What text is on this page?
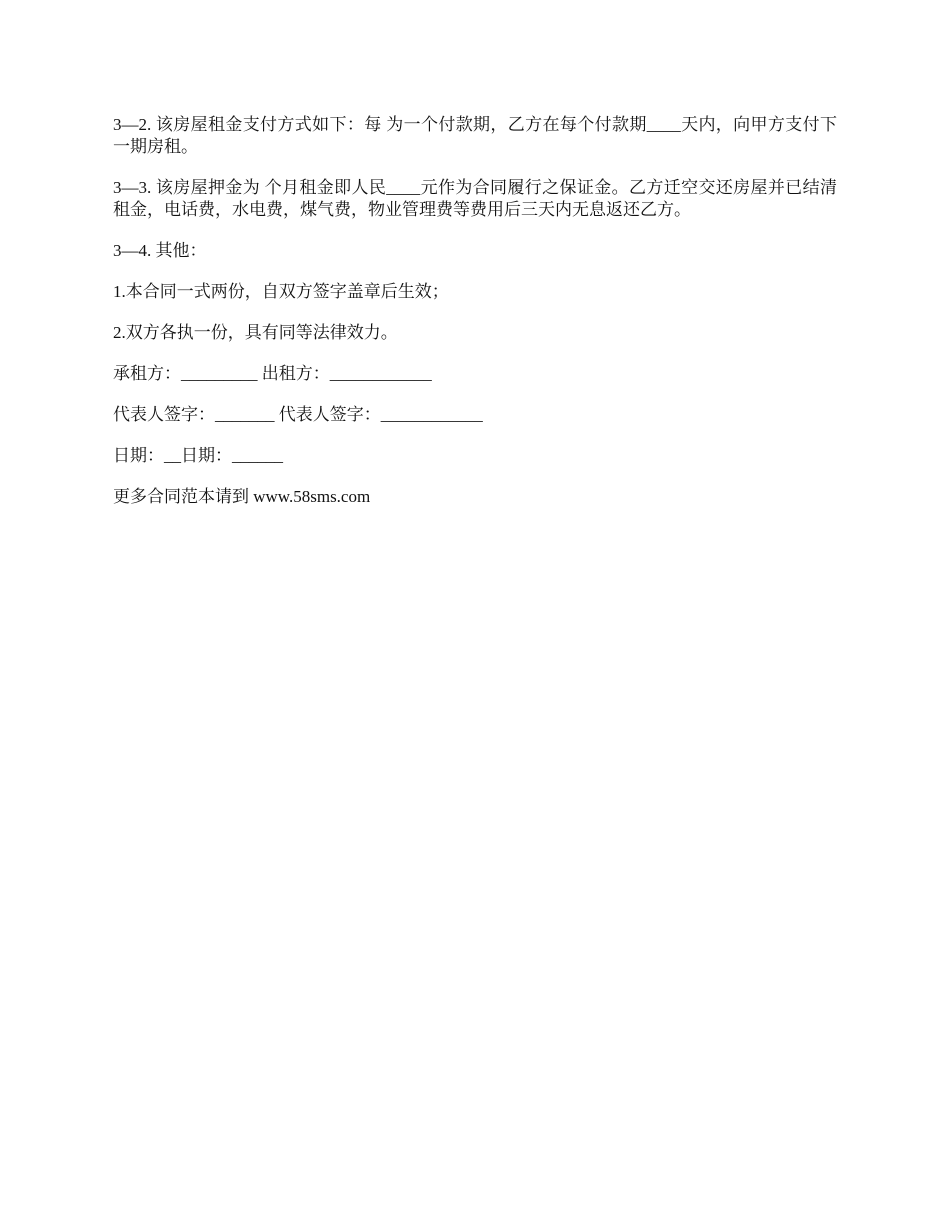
3—2. 该房屋租金支付方式如下：每 为一个付款期，乙方在每个付款期____天内，向甲方支付下一期房租。

3—3. 该房屋押金为 个月租金即人民____元作为合同履行之保证金。乙方迁空交还房屋并已结清租金，电话费，水电费，煤气费，物业管理费等费用后三天内无息返还乙方。

3—4. 其他：

1.本合同一式两份，自双方签字盖章后生效；

2.双方各执一份，具有同等法律效力。

承租方：_________ 出租方：____________

代表人签字：_______ 代表人签字：____________

日期：__日期：______

更多合同范本请到 www.58sms.com
